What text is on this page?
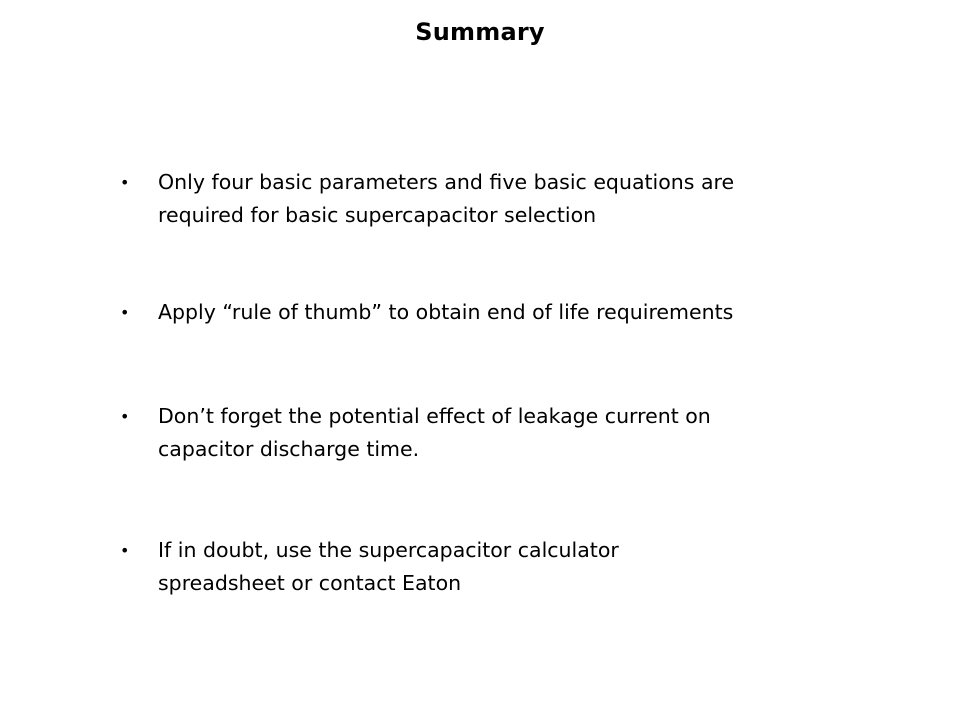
Summary
• Only four basic parameters and five basic equations are
required for basic supercapacitor selection
• Apply “rule of thumb” to obtain end of life requirements
• Don’t forget the potential effect of leakage current on
capacitor discharge time.
• If in doubt, use the supercapacitor calculator
spreadsheet or contact Eaton
